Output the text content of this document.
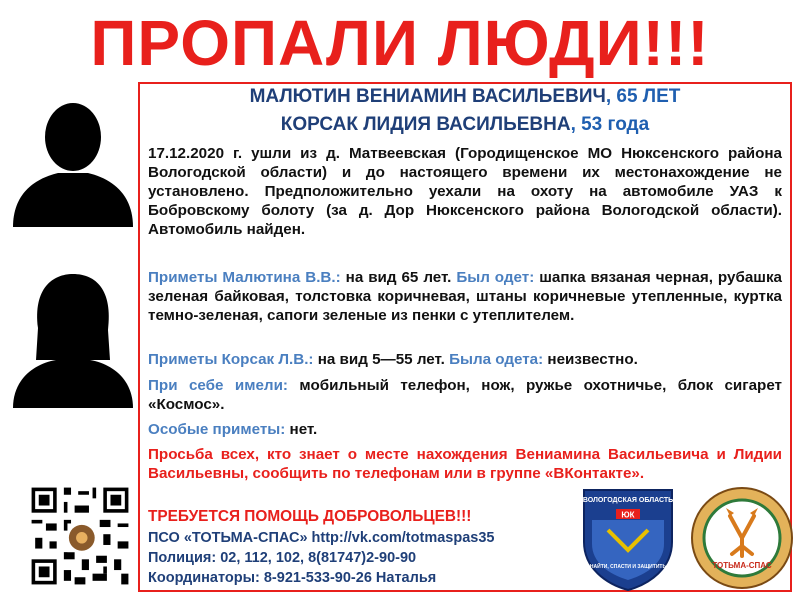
ПРОПАЛИ ЛЮДИ!!!
МАЛЮТИН ВЕНИАМИН ВАСИЛЬЕВИЧ, 65 ЛЕТ
КОРСАК ЛИДИЯ ВАСИЛЬЕВНА, 53 года
17.12.2020 г. ушли из д. Матвеевская (Городищенское МО Нюксенского района Вологодской области) и до настоящего времени их местонахождение не установлено. Предположительно уехали на охоту на автомобиле УАЗ к Бобровскому болоту (за д. Дор Нюксенского района Вологодской области). Автомобиль найден.
Приметы Малютина В.В.: на вид 65 лет. Был одет: шапка вязаная черная, рубашка зеленая байковая, толстовка коричневая, штаны коричневые утепленные, куртка темно-зеленая, сапоги зеленые из пенки с утеплителем.
Приметы Корсак Л.В.: на вид 5—55 лет. Была одета: неизвестно.
При себе имели: мобильный телефон, нож, ружье охотничье, блок сигарет «Космос».
Особые приметы: нет.
Просьба всех, кто знает о месте нахождения Вениамина Васильевича и Лидии Васильевны, сообщить по телефонам или в группе «ВКонтакте».
ТРЕБУЕТСЯ ПОМОЩЬ ДОБРОВОЛЬЦЕВ!!!
ПСО «ТОТЬМА-СПАС» http://vk.com/totmaspas35
Полиция: 02, 112, 102, 8(81747)2-90-90
Координаторы: 8-921-533-90-26 Наталья
ВОЛОГОДСКАЯ ОБЛАСТЬ
ЮК
НАЙТИ, СПАСТИ И ЗАЩИТИТЬ	ТОТЬМА-СПАС
